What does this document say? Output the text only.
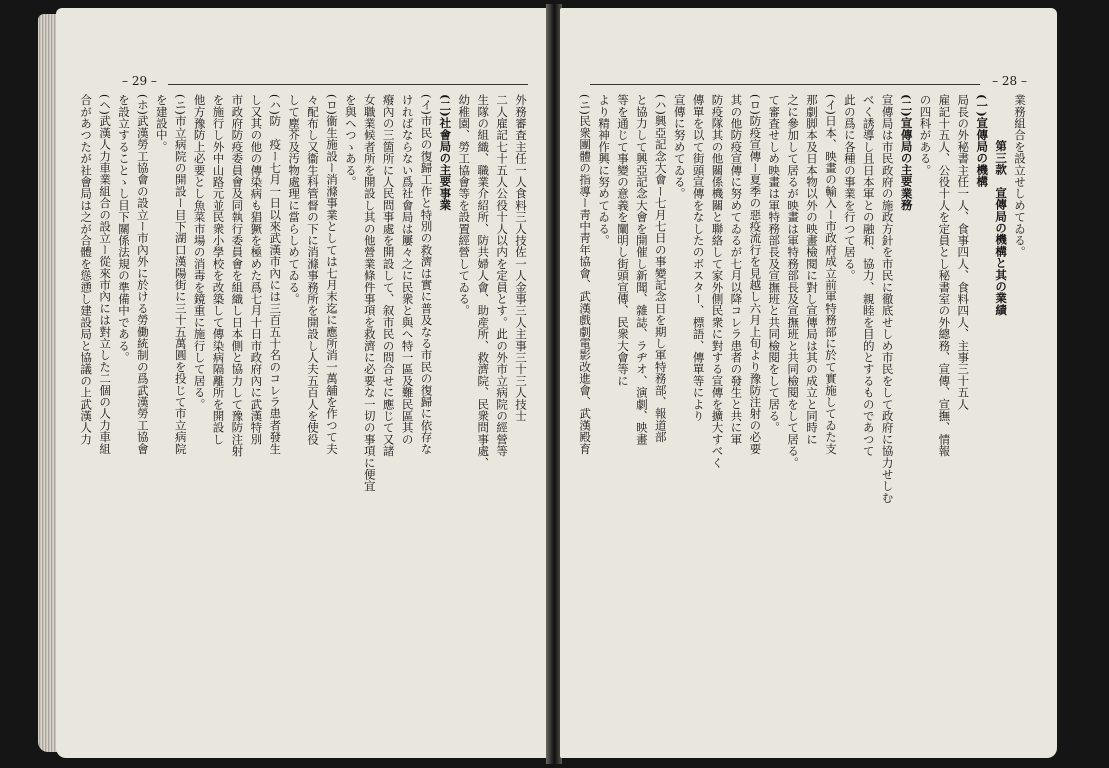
– 29 –

外務審査主任一人食料三人技佐一人金事三人主事三十三人技士

二人雇記七十五人公役十人以内を定員とす。此の外市立病院の經營等

生隊の組織、職業介紹所、防共婦人會、助産所、救濟院、民衆問事處、

幼稚園、勞工協會等を設置經營してゐる。

(二)社會局の主要事業

(イ)市民の復歸工作と特別の救濟は實に普及なる市民の復歸に依存な

ければならない爲社會局は屢々之に民衆と與へ特一區及難民區其の

癈內の三箇所に人民問事處を開設して、叙市民の問合せに應じて又諸

女職業候者所を開設し其の他營業條件事項を救濟に必要な一切の事項に便宜

を與へつゝある。

(ロ)衞生施設ー消滌事業としては七月末迄に應所消一萬舖を作つて夫

々配布し又衞生科管督の下に消滌事務所を開設し人夫五百人を使役

して塵芥及汚物處理に當らしめてゐる。

(ハ)防　疫ー七月一日以來武漢市內には三百五十名のコレラ患者發生

し又其の他の傳染病も猖獗を極めた爲七月十日市政府內に武漢特別

市政府防疫委員會及同執行委員會を組織し日本側と協力して豫防注射

を施行し外中山路元並民衆小學校を改築して傳染病隔離所を開設し

他方豫防上必要とし魚菜市場の消毒を鏡重に施行して居る。

(ニ)市立病院の開設ー目下湖口漢陽街に三十五萬圓を投じて市立病院

を建設中。

(ホ)武漢勞工協會の設立ー市內外に於ける勞働統制の爲武漢勞工協會

を設立することゝし目下關係法規の準備中である。

(ヘ)武漢人力車業組合の設立ー從來市內には對立した二個の人力車組

合があつたが社會局は之が合體を慫慂し建設局と協議の上武漢人力

– 28 –

業務組合を設立せしめてゐる。

第三款　宣傳局の機構と其の業績

(一)宣傳局の機構

局長の外秘書主任一人、食事四人、食料四人、主事三十五人

雇記十五人、公役十人を定員とし秘書室の外總務、宣傳、宣撫、情報

の四科がある。

(二)宣傳局の主要業務

宣傳局は市民政府の施政方針を市民に徹底せしめ市民をして政府に協力せしむ

べく誘導し且日本軍との融和、協力、親睦を目的とするものであつて

此の爲に各種の事業を行つて居る。

(イ)日本、映畫の輸入ー市政府成立前軍特務部に於て實施してゐた支

那劇脚本及日本物以外の映畫檢閱に對し宣傳局は其の成立と同時に

之に參加して居るが映畫は軍特務部長及宣撫班と共同檢閱をして居る。

て審査せしめ映畫は軍特務部長及宣撫班と共同檢閱をして居る。

(ロ)防疫宣傳ー夏季の惡疫流行を見越し六月上旬より豫防注射の必要

其の他防疫宣傳に努めてゐるが七月以降コレラ患者の發生と共に軍

防疫隊其の他關係機關と聯絡して家外側民衆に對する宣傳を擴大すべく

傳單を以て街頭宣傳をなしたのボスター、標語、傳單等により

宣傳に努めてゐる。

(ハ)興亞記念大會ー七月七日の事變記念日を期し軍特務部、報道部

と協力して興亞記念大會を開催し新聞、雜誌、ラヂオ、演劇、映畫

等を通じて事變の意義を闡明し街頭宣傳、民衆大會等に

より精神作興に努めてゐる。

(ニ)民衆團體の指導ー靑中靑年協會、武漢戲劇電影改進會、武漢殿育
